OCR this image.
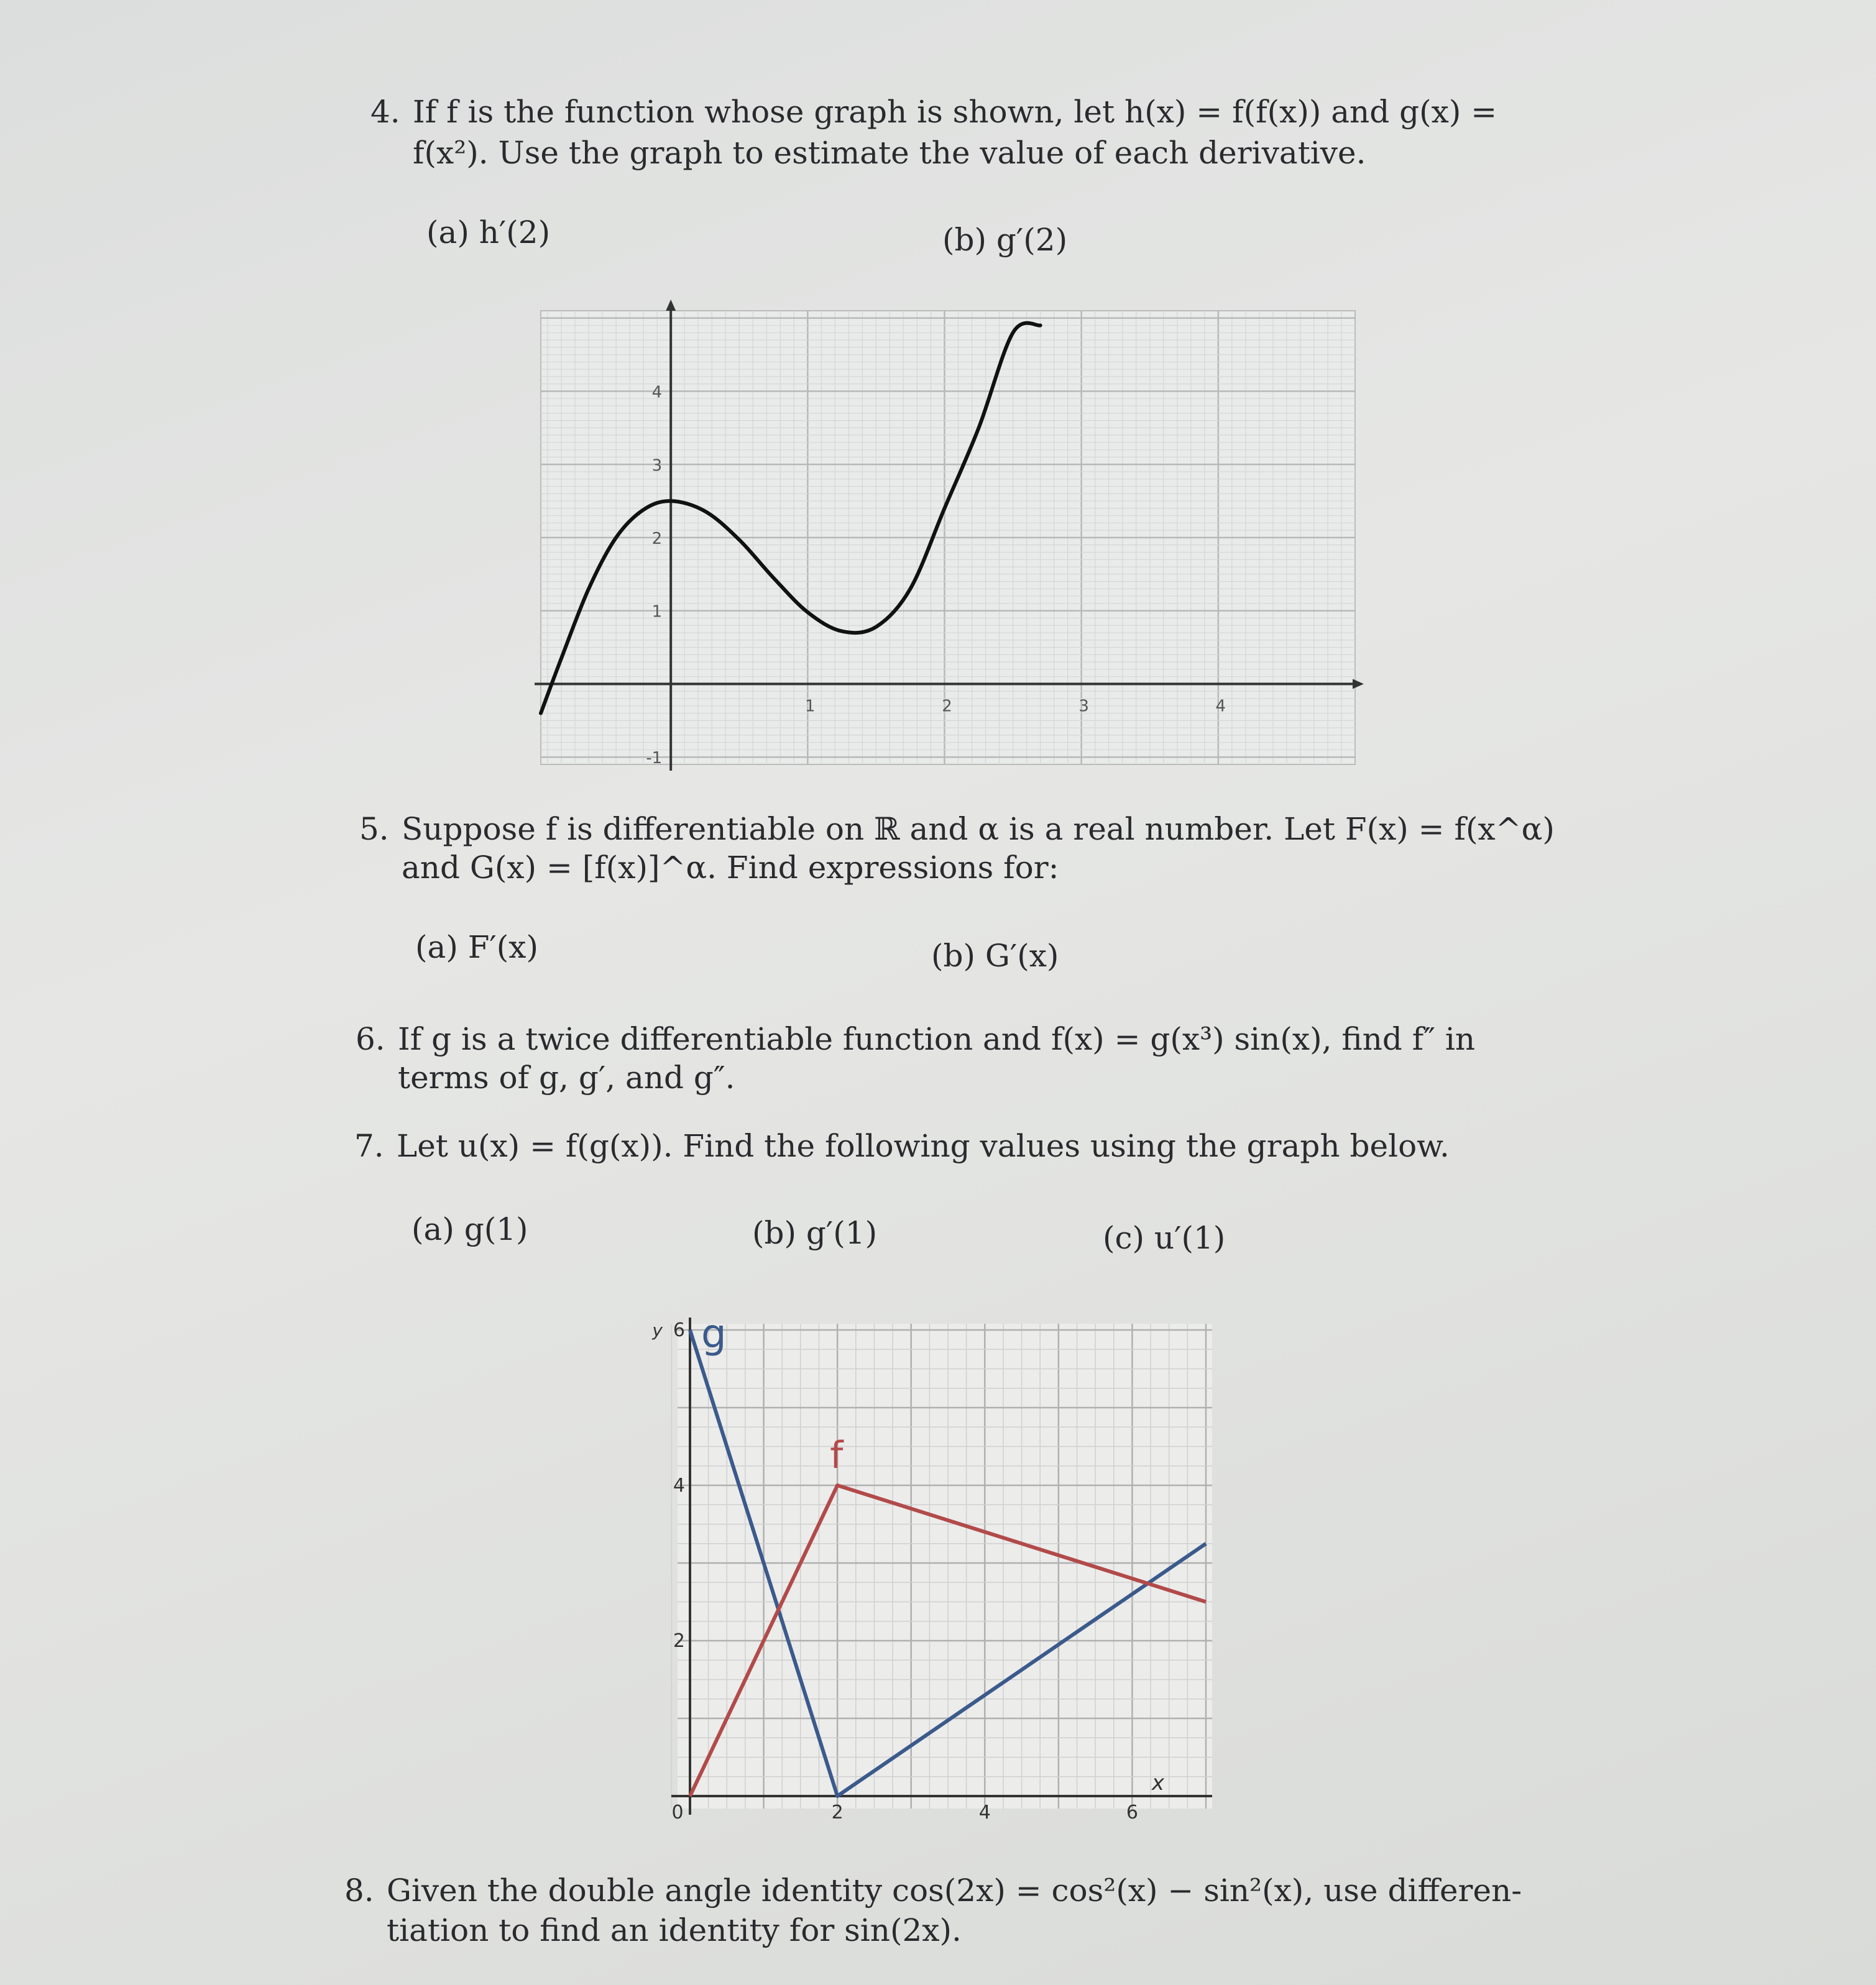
4. If f is the function whose graph is shown, let h(x) = f(f(x)) and g(x) =
f(x²). Use the graph to estimate the value of each derivative.
(a) h′(2)	(b) g′(2)
1	2	3	4
-1
1
2
3
4
5. Suppose f is differentiable on ℝ and α is a real number. Let F(x) = f(x^α)
and G(x) = [f(x)]^α. Find expressions for:
(a) F′(x)	(b) G′(x)
6. If g is a twice differentiable function and f(x) = g(x³) sin(x), find f″ in
terms of g, g′, and g″.
7. Let u(x) = f(g(x)). Find the following values using the graph below.
(a) g(1)	(b) g′(1)	(c) u′(1)
0	2	4	6
2
4
6
y
x
g
f
8. Given the double angle identity cos(2x) = cos²(x) − sin²(x), use differen-
tiation to find an identity for sin(2x).
